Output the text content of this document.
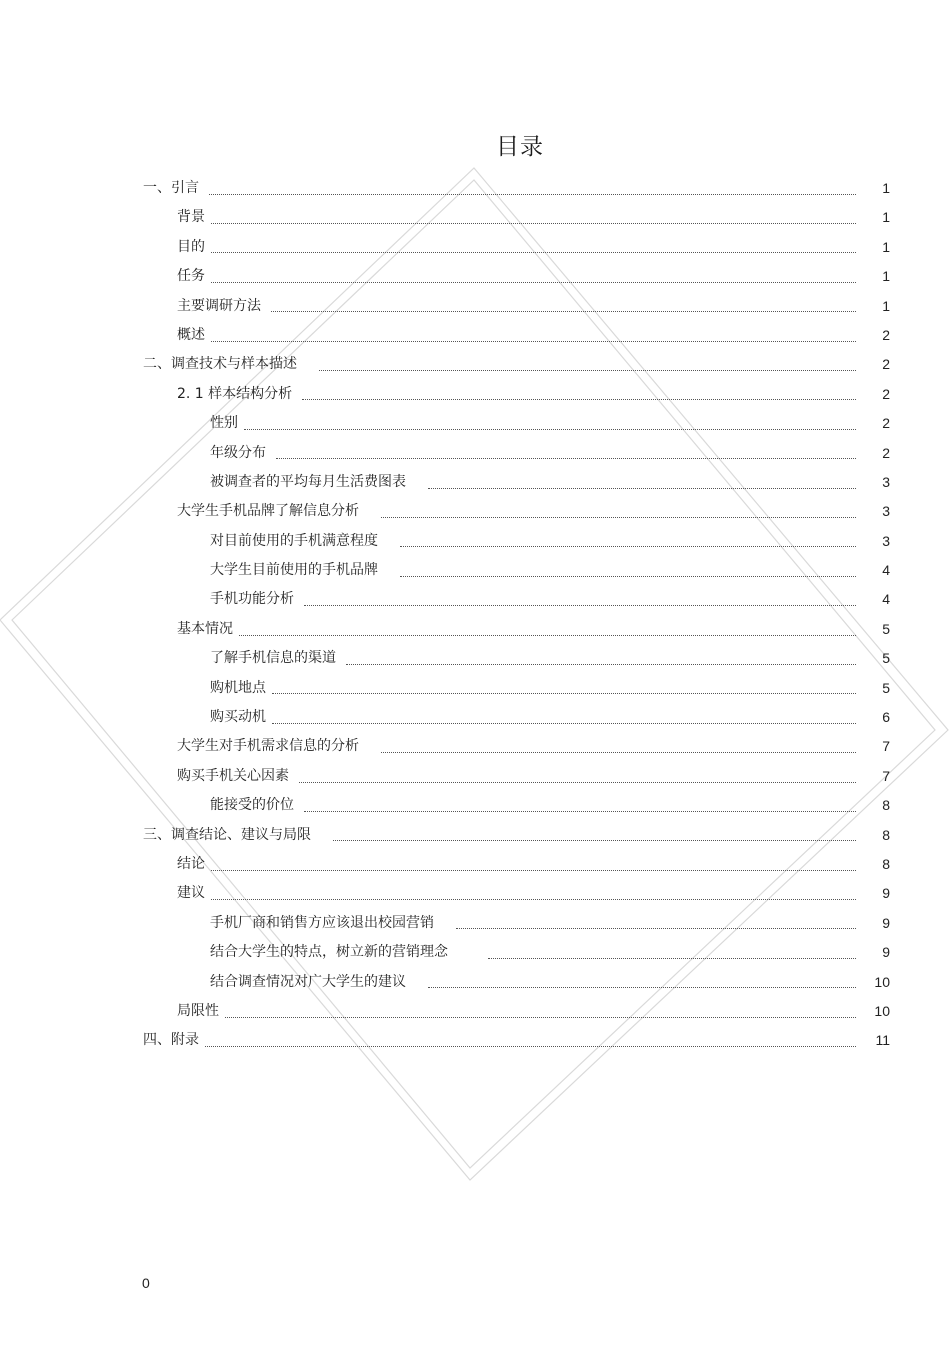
目录
一、引言	1
背景	1
目的	1
任务	1
主要调研方法	1
概述	2
二、调查技术与样本描述	2
2. 1 样本结构分析	2
性别	2
年级分布	2
被调查者的平均每月生活费图表	3
大学生手机品牌了解信息分析	3
对目前使用的手机满意程度	3
大学生目前使用的手机品牌	4
手机功能分析	4
基本情况	5
了解手机信息的渠道	5
购机地点	5
购买动机	6
大学生对手机需求信息的分析	7
购买手机关心因素	7
能接受的价位	8
三、调查结论、建议与局限	8
结论	8
建议	9
手机厂商和销售方应该退出校园营销	9
结合大学生的特点，树立新的营销理念	9
结合调查情况对广大学生的建议	10
局限性	10
四、附录	11
0
